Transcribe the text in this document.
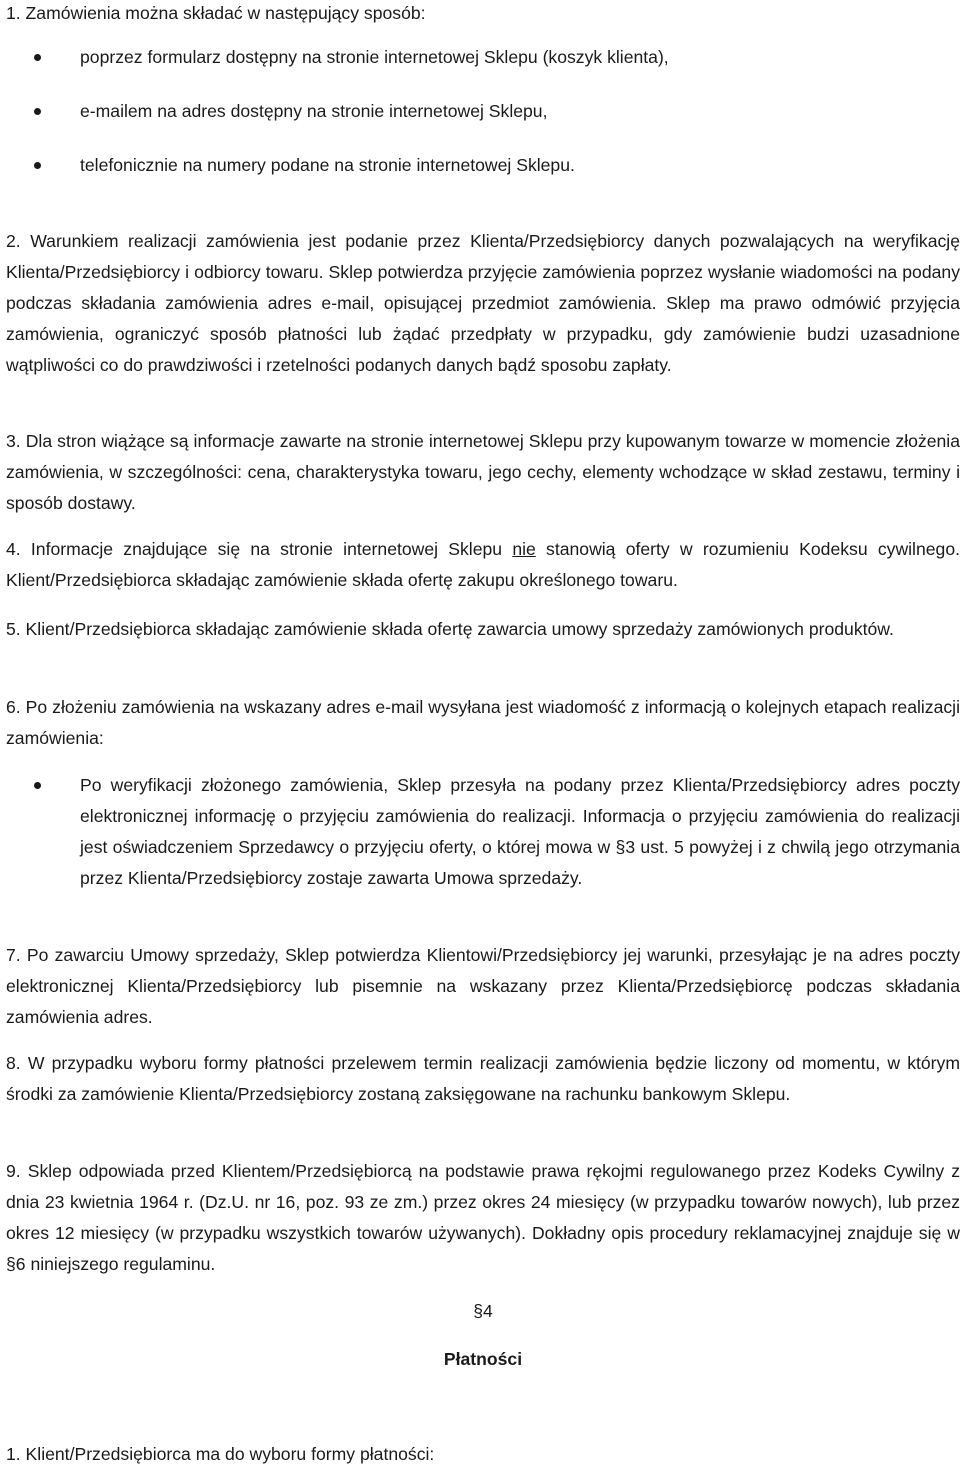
1. Zamówienia można składać w następujący sposób:

poprzez formularz dostępny na stronie internetowej Sklepu (koszyk klienta),
e-mailem na adres dostępny na stronie internetowej Sklepu,
telefonicznie na numery podane na stronie internetowej Sklepu.

2. Warunkiem realizacji zamówienia jest podanie przez Klienta/Przedsiębiorcy danych pozwalających na weryfikację Klienta/Przedsiębiorcy i odbiorcy towaru. Sklep potwierdza przyjęcie zamówienia poprzez wysłanie wiadomości na podany podczas składania zamówienia adres e-mail, opisującej przedmiot zamówienia. Sklep ma prawo odmówić przyjęcia zamówienia, ograniczyć sposób płatności lub żądać przedpłaty w przypadku, gdy zamówienie budzi uzasadnione wątpliwości co do prawdziwości i rzetelności podanych danych bądź sposobu zapłaty.

3. Dla stron wiążące są informacje zawarte na stronie internetowej Sklepu przy kupowanym towarze w momencie złożenia zamówienia, w szczególności: cena, charakterystyka towaru, jego cechy, elementy wchodzące w skład zestawu, terminy i sposób dostawy.

4. Informacje znajdujące się na stronie internetowej Sklepu nie stanowią oferty w rozumieniu Kodeksu cywilnego. Klient/Przedsiębiorca składając zamówienie składa ofertę zakupu określonego towaru.

5. Klient/Przedsiębiorca składając zamówienie składa ofertę zawarcia umowy sprzedaży zamówionych produktów.

6. Po złożeniu zamówienia na wskazany adres e-mail wysyłana jest wiadomość z informacją o kolejnych etapach realizacji zamówienia:

Po weryfikacji złożonego zamówienia, Sklep przesyła na podany przez Klienta/Przedsiębiorcy adres poczty elektronicznej informację o przyjęciu zamówienia do realizacji. Informacja o przyjęciu zamówienia do realizacji jest oświadczeniem Sprzedawcy o przyjęciu oferty, o której mowa w §3 ust. 5 powyżej i z chwilą jego otrzymania przez Klienta/Przedsiębiorcy zostaje zawarta Umowa sprzedaży.

7. Po zawarciu Umowy sprzedaży, Sklep potwierdza Klientowi/Przedsiębiorcy jej warunki, przesyłając je na adres poczty elektronicznej Klienta/Przedsiębiorcy lub pisemnie na wskazany przez Klienta/Przedsiębiorcę podczas składania zamówienia adres.

8. W przypadku wyboru formy płatności przelewem termin realizacji zamówienia będzie liczony od momentu, w którym środki za zamówienie Klienta/Przedsiębiorcy zostaną zaksięgowane na rachunku bankowym Sklepu.

9. Sklep odpowiada przed Klientem/Przedsiębiorcą na podstawie prawa rękojmi regulowanego przez Kodeks Cywilny z dnia 23 kwietnia 1964 r. (Dz.U. nr 16, poz. 93 ze zm.) przez okres 24 miesięcy (w przypadku towarów nowych), lub przez okres 12 miesięcy (w przypadku wszystkich towarów używanych). Dokładny opis procedury reklamacyjnej znajduje się w §6 niniejszego regulaminu.

§4

Płatności

1. Klient/Przedsiębiorca ma do wyboru formy płatności:
